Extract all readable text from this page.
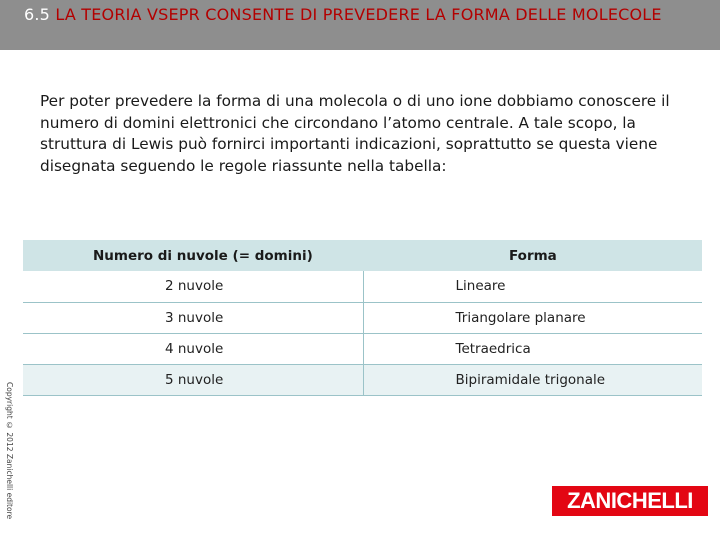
6.5 LA TEORIA VSEPR CONSENTE DI PREVEDERE LA FORMA DELLE MOLECOLE
Per poter prevedere la forma di una molecola o di uno ione dobbiamo conoscere il numero di domini elettronici che circondano l’atomo centrale. A tale scopo, la struttura di Lewis può fornirci importanti indicazioni, soprattutto se questa viene disegnata seguendo le regole riassunte nella tabella:
Numero di nuvole (= domini)	Forma
2 nuvole	Lineare
3 nuvole	Triangolare planare
4 nuvole	Tetraedrica
5 nuvole	Bipiramidale trigonale
Copyright © 2012 Zanichelli editore	ZANICHELLI
